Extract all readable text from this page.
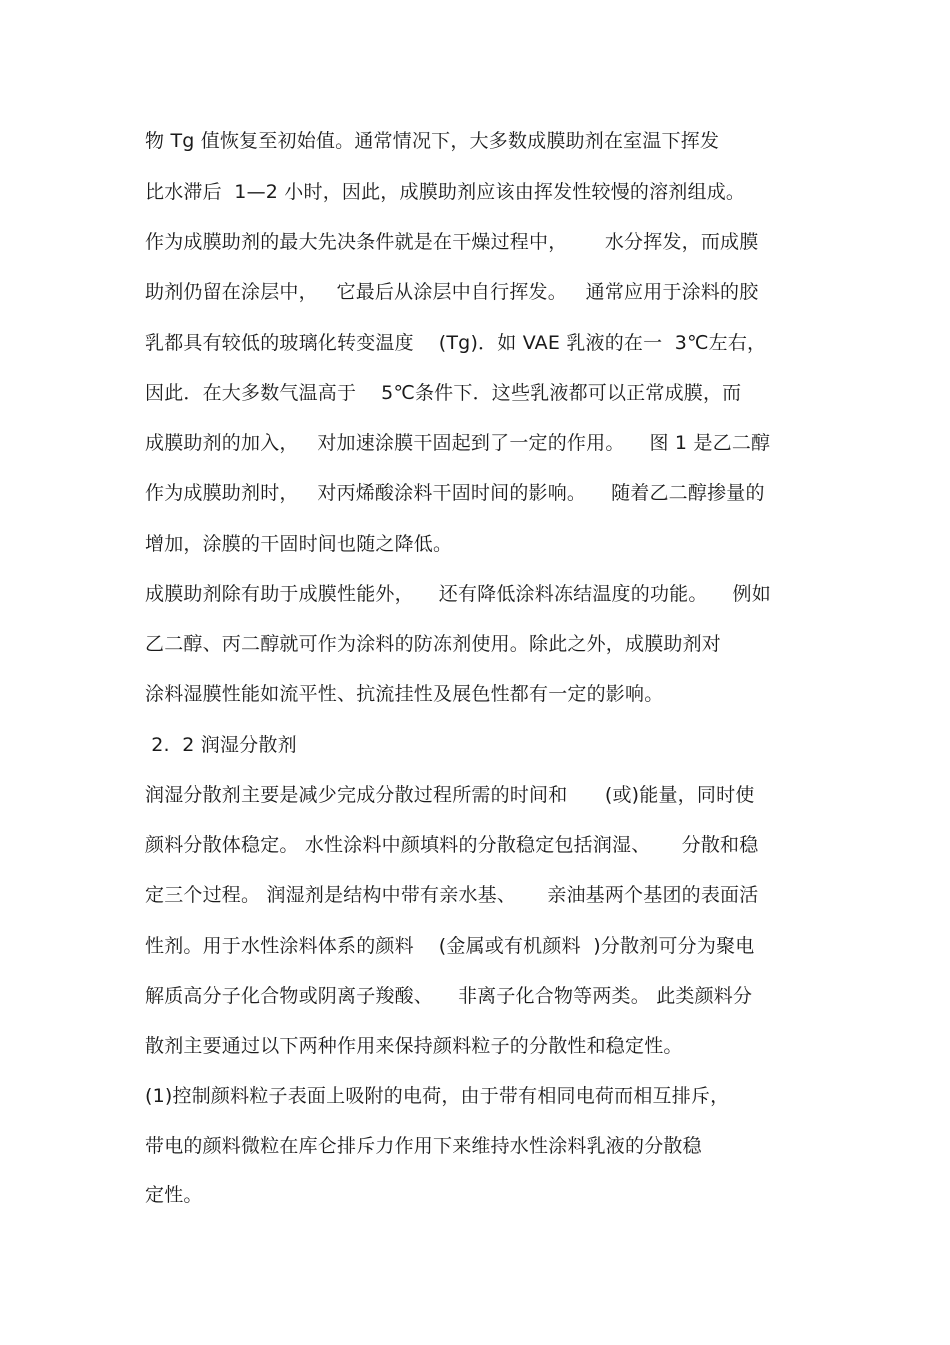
物 Tg 值恢复至初始值。通常情况下，大多数成膜助剂在室温下挥发
比水滞后  1—2 小时，因此，成膜助剂应该由挥发性较慢的溶剂组成。
作为成膜助剂的最大先决条件就是在干燥过程中，      水分挥发，而成膜
助剂仍留在涂层中，   它最后从涂层中自行挥发。   通常应用于涂料的胶
乳都具有较低的玻璃化转变温度    (Tg)．如 VAE 乳液的在一  3℃左右，
因此．在大多数气温高于    5℃条件下．这些乳液都可以正常成膜，而
成膜助剂的加入，   对加速涂膜干固起到了一定的作用。    图 1 是乙二醇
作为成膜助剂时，   对丙烯酸涂料干固时间的影响。    随着乙二醇掺量的
增加，涂膜的干固时间也随之降低。
成膜助剂除有助于成膜性能外，    还有降低涂料冻结温度的功能。    例如
乙二醇、丙二醇就可作为涂料的防冻剂使用。除此之外，成膜助剂对
涂料湿膜性能如流平性、抗流挂性及展色性都有一定的影响。
2.  2 润湿分散剂
润湿分散剂主要是减少完成分散过程所需的时间和      (或)能量，同时使
颜料分散体稳定。 水性涂料中颜填料的分散稳定包括润湿、     分散和稳
定三个过程。 润湿剂是结构中带有亲水基、     亲油基两个基团的表面活
性剂。用于水性涂料体系的颜料    (金属或有机颜料  )分散剂可分为聚电
解质高分子化合物或阴离子羧酸、    非离子化合物等两类。 此类颜料分
散剂主要通过以下两种作用来保持颜料粒子的分散性和稳定性。
(1)控制颜料粒子表面上吸附的电荷，由于带有相同电荷而相互排斥，
带电的颜料微粒在库仑排斥力作用下来维持水性涂料乳液的分散稳
定性。
